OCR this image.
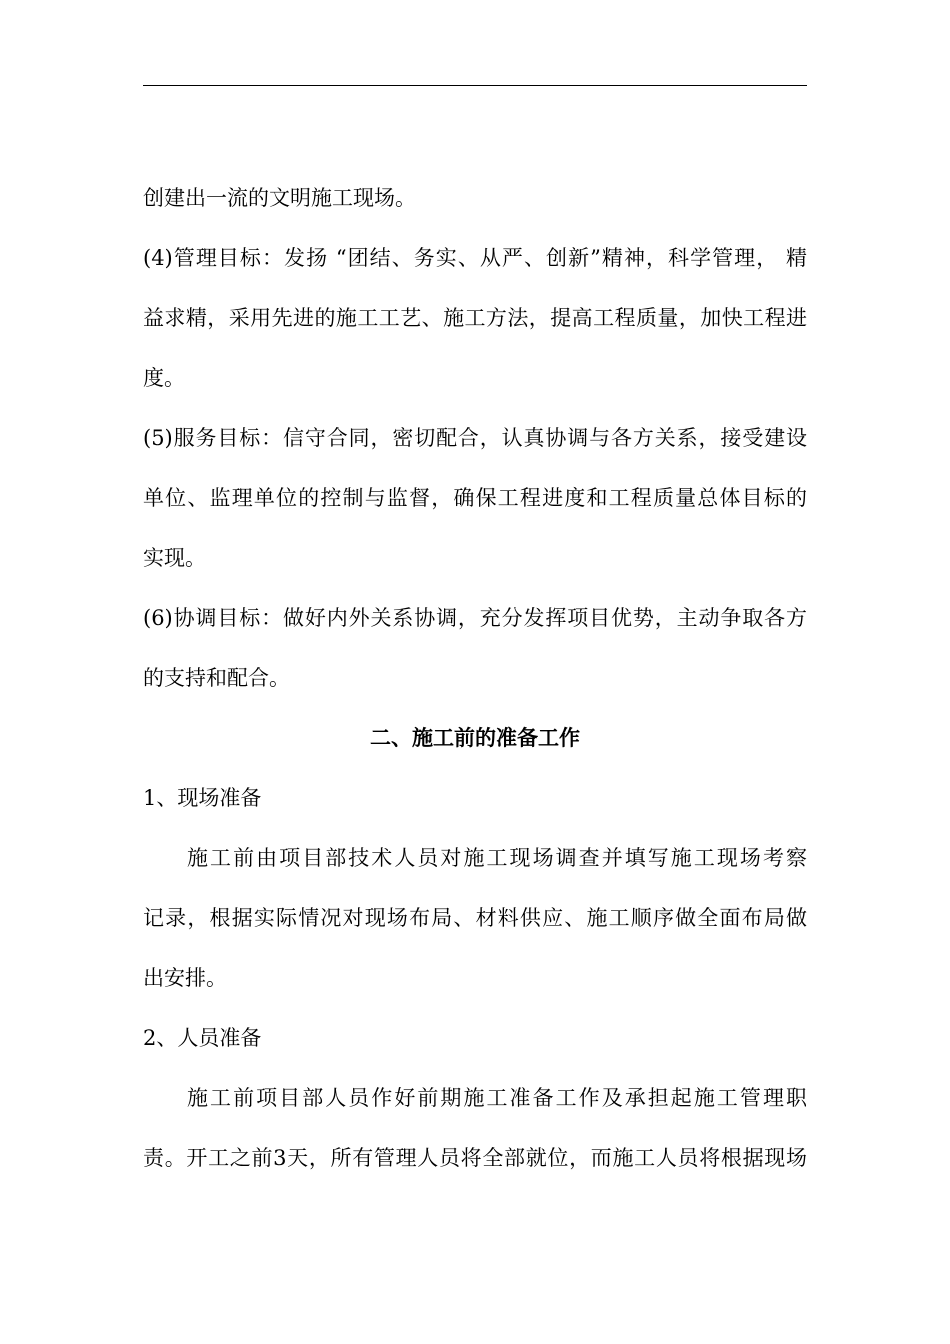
创建出一流的文明施工现场。
(4)管理目标：发扬 “团结、务实、从严、创新”精神，科学管理， 精
益求精，采用先进的施工工艺、施工方法，提高工程质量，加快工程进
度。
(5)服务目标：信守合同，密切配合，认真协调与各方关系，接受建设
单位、监理单位的控制与监督，确保工程进度和工程质量总体目标的
实现。
(6)协调目标：做好内外关系协调，充分发挥项目优势，主动争取各方
的支持和配合。
二、施工前的准备工作
1、现场准备
施工前由项目部技术人员对施工现场调查并填写施工现场考察
记录，根据实际情况对现场布局、材料供应、施工顺序做全面布局做
出安排。
2、人员准备
施工前项目部人员作好前期施工准备工作及承担起施工管理职
责。开工之前3天，所有管理人员将全部就位，而施工人员将根据现场
